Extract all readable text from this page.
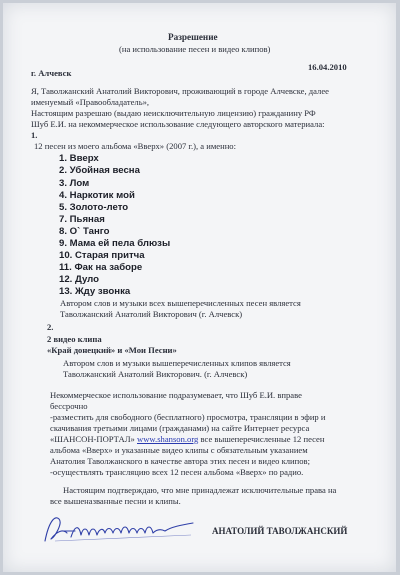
Разрешение
(на использование песен и видео клипов)
г. Алчевск
16.04.2010
Я, Таволжанский Анатолий Викторович, проживающий в городе Алчевске, далее
именуемый «Правообладатель»,
Настоящим разрешаю (выдаю неисключительную лицензию) гражданину РФ
Шуб Е.И. на некоммерческое использование следующего авторского материала:
1.
12 песен из моего альбома «Вверх» (2007 г.), а именно:
1. Вверх
2. Убойная весна
3. Лом
4. Наркотик мой
5. Золото-лето
7. Пьяная
8. О` Танго
9. Мама ей пела блюзы
10. Старая притча
11. Фак на заборе
12. Дуло
13. Жду звонка
Автором слов и музыки всех вышеперечисленных песен является
Таволжанский Анатолий Викторович (г. Алчевск)
2.
2 видео клипа
«Край донецкий» и «Мои Песни»
Автором слов и музыки вышеперечисленных клипов является
Таволжанский Анатолий Викторович. (г. Алчевск)
Некоммерческое использование подразумевает, что Шуб Е.И. вправе
бессрочно
-разместить для свободного (бесплатного) просмотра, трансляции в эфир и
скачивания третьими лицами (гражданами) на сайте Интернет ресурса
«ШАНСОН-ПОРТАЛ» www.shanson.org все вышеперечисленные 12 песен
альбома «Вверх» и указанные видео клипы с обязательным указанием
Анатолия Таволжанского в качестве автора этих песен и видео клипов;
-осуществлять трансляцию всех 12 песен альбома «Вверх» по радио.
Настоящим подтверждаю, что мне принадлежат исключительные права на
все вышеназванные песни и клипы.
АНАТОЛИЙ ТАВОЛЖАНСКИЙ
